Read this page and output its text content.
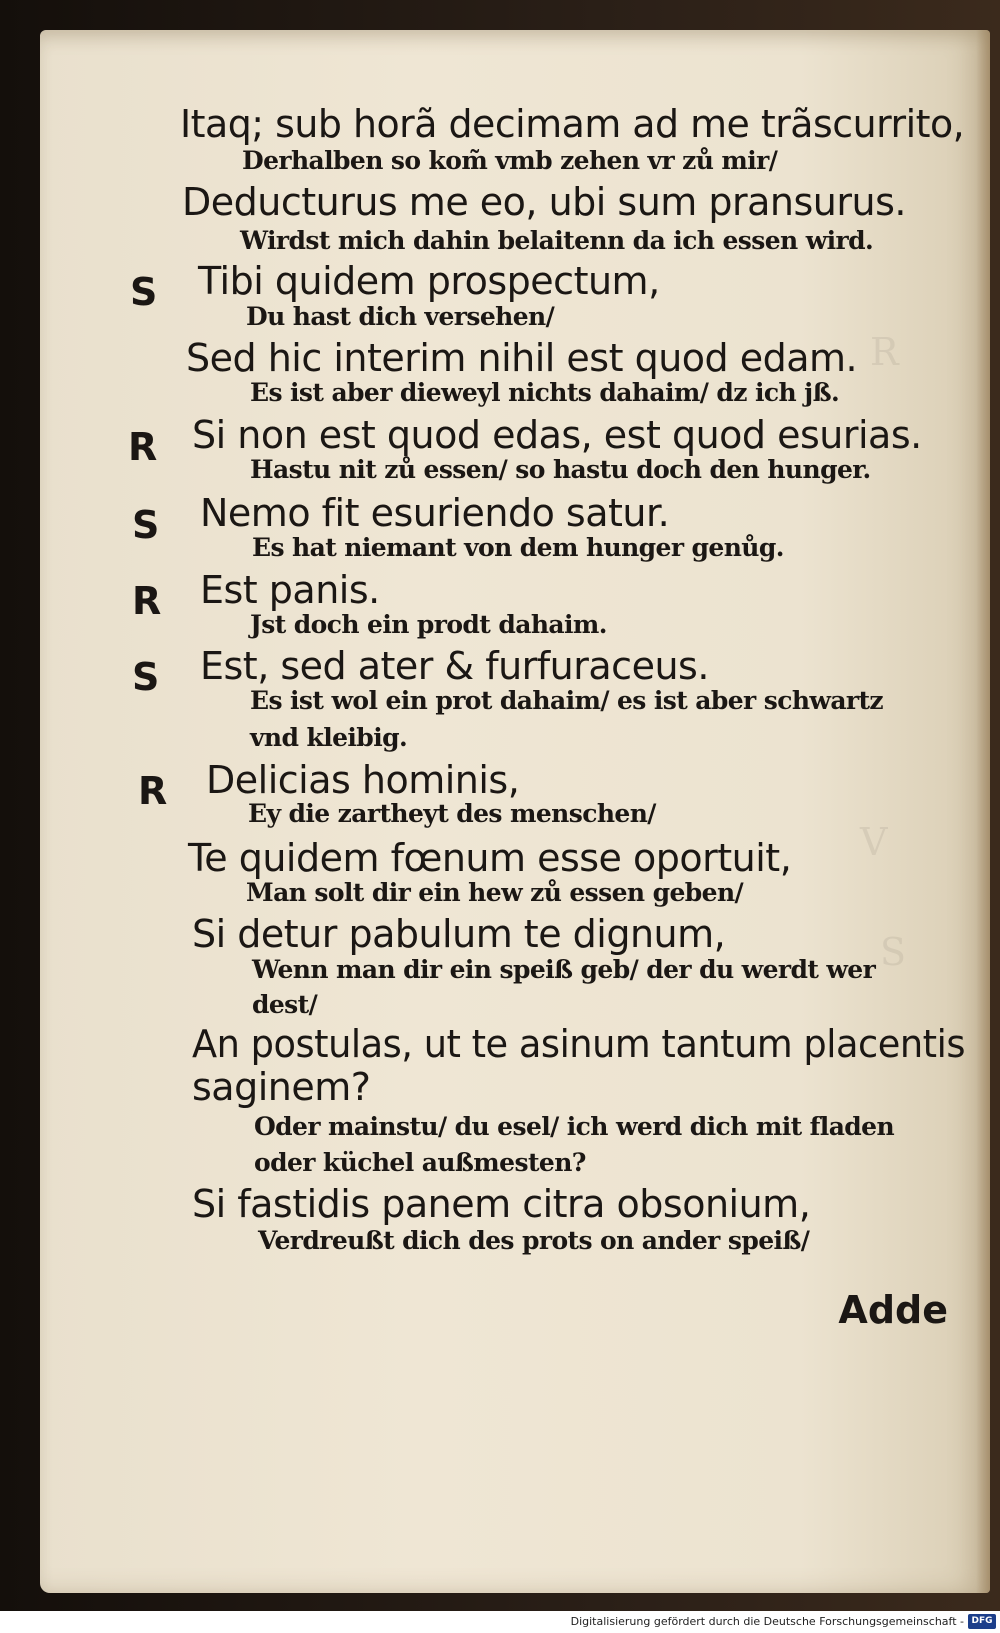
R
V
S
S
R
S
R
S
R
Itaq; sub horã decimam ad me trãscurrito,
Derhalben so kom̃ vmb zehen vr zů mir/
Deducturus me eo, ubi sum pransurus.
Wirdst mich dahin belaitenn da ich essen wird.
Tibi quidem prospectum,
Du hast dich versehen/
Sed hic interim nihil est quod edam.
Es ist aber dieweyl nichts dahaim/ dz ich jß.
Si non est quod edas, est quod esurias.
Hastu nit zů essen/ so hastu doch den hunger.
Nemo fit esuriendo satur.
Es hat niemant von dem hunger genůg.
Est panis.
Jst doch ein prodt dahaim.
Est, sed ater & furfuraceus.
Es ist wol ein prot dahaim/ es ist aber schwartz
vnd kleibig.
Delicias hominis,
Ey die zartheyt des menschen/
Te quidem fœnum esse oportuit,
Man solt dir ein hew zů essen geben/
Si detur pabulum te dignum,
Wenn man dir ein speiß geb/ der du werdt wer
dest/
An postulas, ut te asinum tantum placentis
saginem?
Oder mainstu/ du esel/ ich werd dich mit fladen
oder küchel außmesten?
Si fastidis panem citra obsonium,
Verdreußt dich des prots on ander speiß/
Adde
Digitalisierung gefördert durch die Deutsche Forschungsgemeinschaft - DFG
